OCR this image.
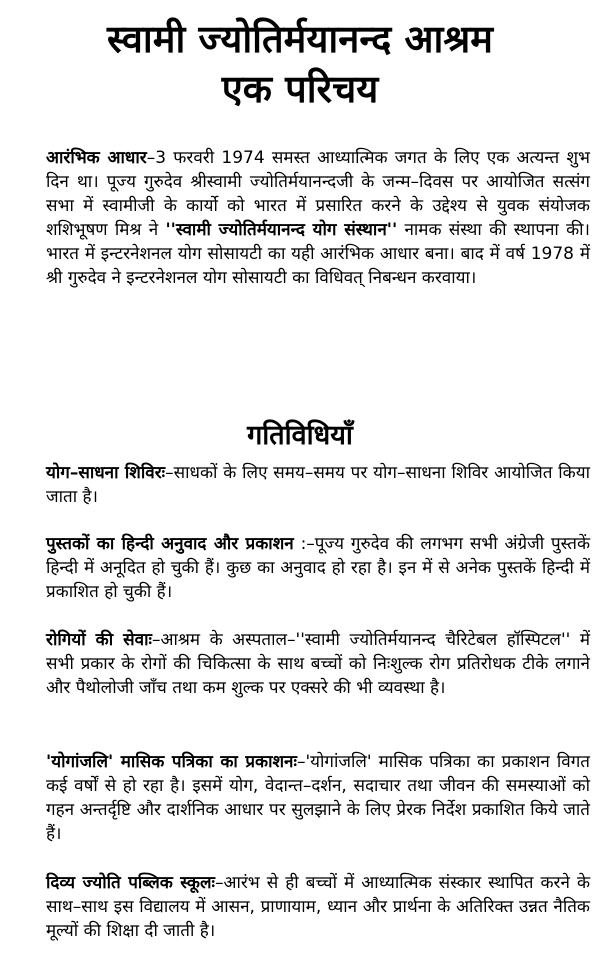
स्वामी ज्योतिर्मयानन्द आश्रम
एक परिचय

आरंभिक आधार–3 फरवरी 1974 समस्त आध्यात्मिक जगत के लिए एक अत्यन्त शुभ दिन था। पूज्य गुरुदेव श्रीस्वामी ज्योतिर्मयानन्दजी के जन्म–दिवस पर आयोजित सत्संग सभा में स्वामीजी के कार्यो को भारत में प्रसारित करने के उद्देश्य से युवक संयोजक शशिभूषण मिश्र ने ''स्वामी ज्योतिर्मयानन्द योग संस्थान'' नामक संस्था की स्थापना की। भारत में इन्टरनेशनल योग सोसायटी का यही आरंभिक आधार बना। बाद में वर्ष 1978 में श्री गुरुदेव ने इन्टरनेशनल योग सोसायटी का विधिवत् निबन्धन करवाया।

गतिविधियाँ

योग–साधना शिविरः–साधकों के लिए समय–समय पर योग–साधना शिविर आयोजित किया जाता है।

पुस्तकों का हिन्दी अनुवाद और प्रकाशन :–पूज्य गुरुदेव की लगभग सभी अंग्रेजी पुस्तकें हिन्दी में अनूदित हो चुकी हैं। कुछ का अनुवाद हो रहा है। इन में से अनेक पुस्तकें हिन्दी में प्रकाशित हो चुकी हैं।

रोगियों की सेवाः–आश्रम के अस्पताल–''स्वामी ज्योतिर्मयानन्द चैरिटेबल हॉस्पिटल'' में सभी प्रकार के रोगों की चिकित्सा के साथ बच्चों को निःशुल्क रोग प्रतिरोधक टीके लगाने और पैथोलोजी जाँच तथा कम शुल्क पर एक्सरे की भी व्यवस्था है।

'योगांजलि' मासिक पत्रिका का प्रकाशनः–'योगांजलि' मासिक पत्रिका का प्रकाशन विगत कई वर्षों से हो रहा है। इसमें योग, वेदान्त–दर्शन, सदाचार तथा जीवन की समस्याओं को गहन अन्तर्दृष्टि और दार्शनिक आधार पर सुलझाने के लिए प्रेरक निर्देश प्रकाशित किये जाते हैं।

दिव्य ज्योति पब्लिक स्कूलः–आरंभ से ही बच्चों में आध्यात्मिक संस्कार स्थापित करने के साथ–साथ इस विद्यालय में आसन, प्राणायाम, ध्यान और प्रार्थना के अतिरिक्त उन्नत नैतिक मूल्यों की शिक्षा दी जाती है।
